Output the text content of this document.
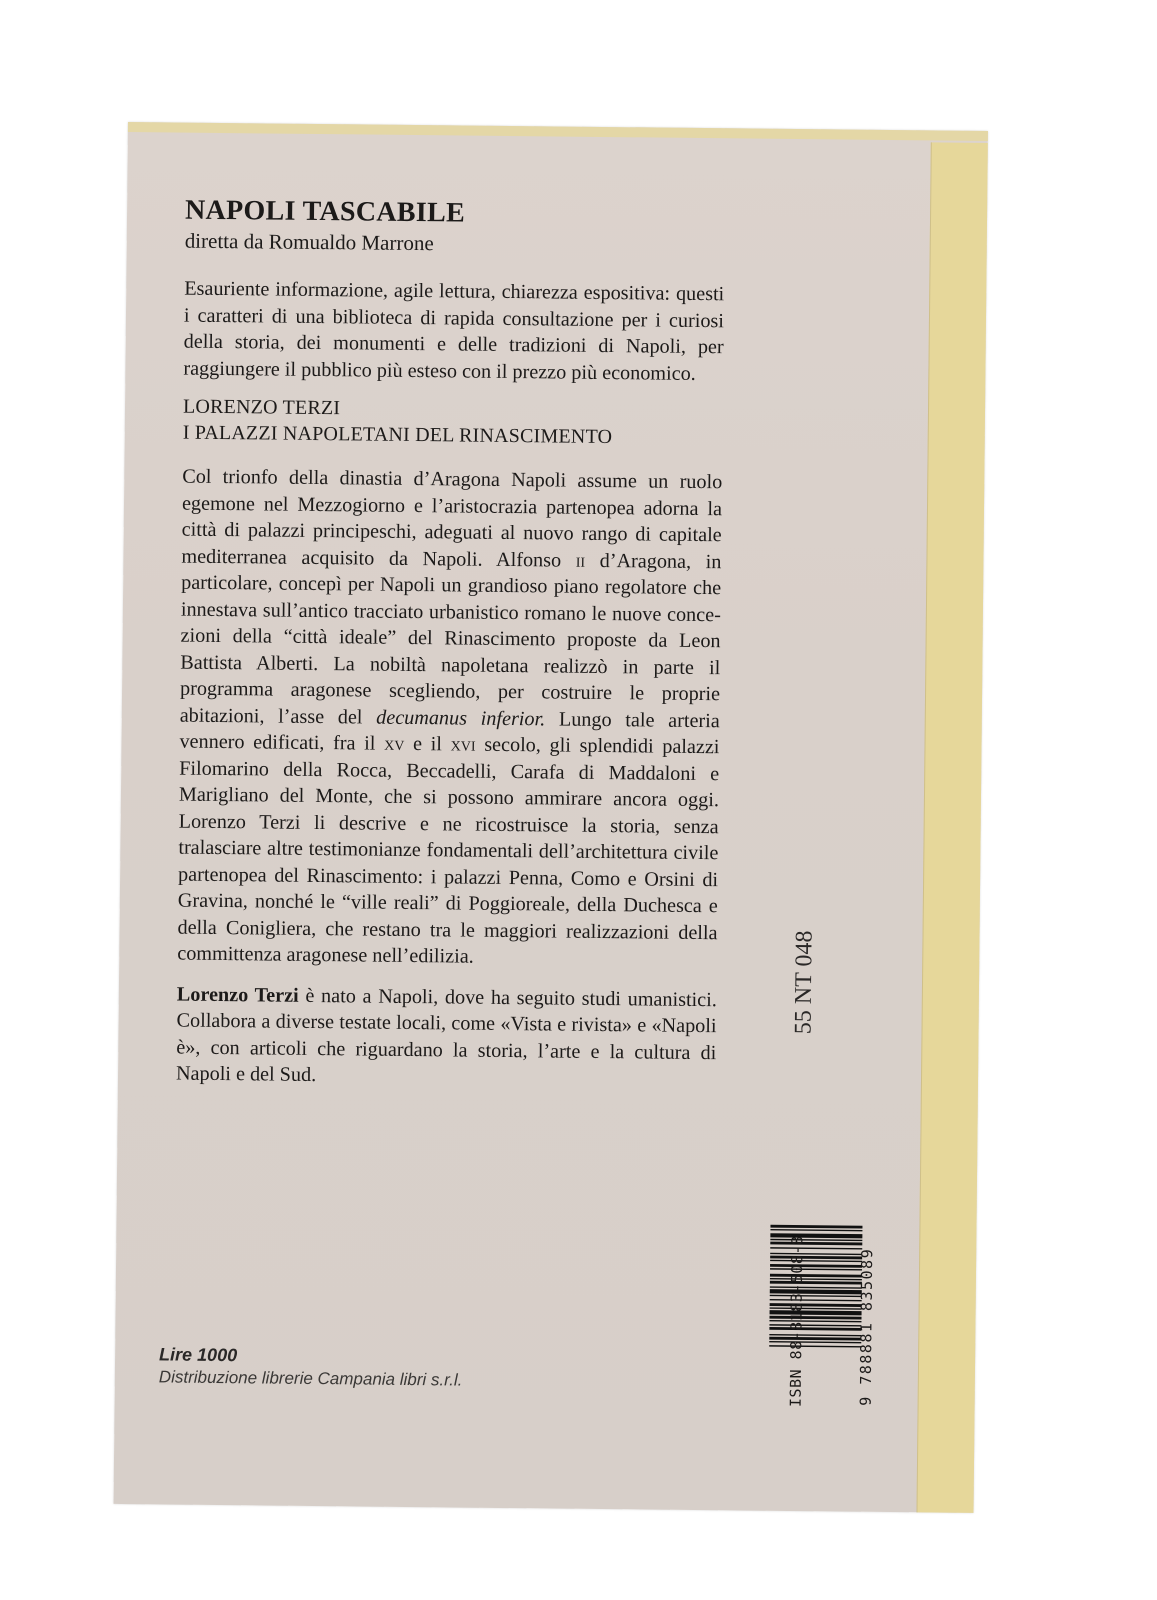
NAPOLI TASCABILE

diretta da Romualdo Marrone

Esauriente informazione, agile lettura, chiarezza espositiva: questi i caratteri di una biblioteca di rapida consultazione per i curiosi della storia, dei monumenti e delle tradizioni di Napoli, per raggiungere il pubblico più esteso con il prezzo più economico.

LORENZO TERZI

I PALAZZI NAPOLETANI DEL RINASCIMENTO

Col trionfo della dinastia d’Aragona Napoli assume un ruolo egemone nel Mezzogiorno e l’aristocrazia partenopea adorna la città di palazzi principeschi, adeguati al nuovo rango di capitale mediterranea acquisito da Napoli. Alfonso ii d’Aragona, in particolare, concepì per Napoli un grandioso piano regolatore che innestava sull’antico tracciato urbanistico romano le nuove concezioni della “città ideale” del Rinascimento proposte da Leon Battista Alberti. La nobiltà napoletana realizzò in parte il programma aragonese scegliendo, per costruire le proprie abitazioni, l’asse del decumanus inferior. Lungo tale arteria vennero edificati, fra il xv e il xvi secolo, gli splendidi palazzi Filomarino della Rocca, Beccadelli, Carafa di Maddaloni e Marigliano del Monte, che si possono ammirare ancora oggi. Lorenzo Terzi li descrive e ne ricostruisce la storia, senza tralasciare altre testimonianze fondamentali dell’architettura civile partenopea del Rinascimento: i palazzi Penna, Como e Orsini di Gravina, nonché le “ville reali” di Poggioreale, della Duchesca e della Conigliera, che restano tra le maggiori realizzazioni della committenza aragonese nell’edilizia.

Lorenzo Terzi è nato a Napoli, dove ha seguito studi umanistici. Collabora a diverse testate locali, come «Vista e rivista» e «Napoli è», con articoli che riguardano la storia, l’arte e la cultura di Napoli e del Sud.

Lire 1000

Distribuzione librerie Campania libri s.r.l.

55 NT 048
ISBN 88-8183-508-8	9 788881 835089
